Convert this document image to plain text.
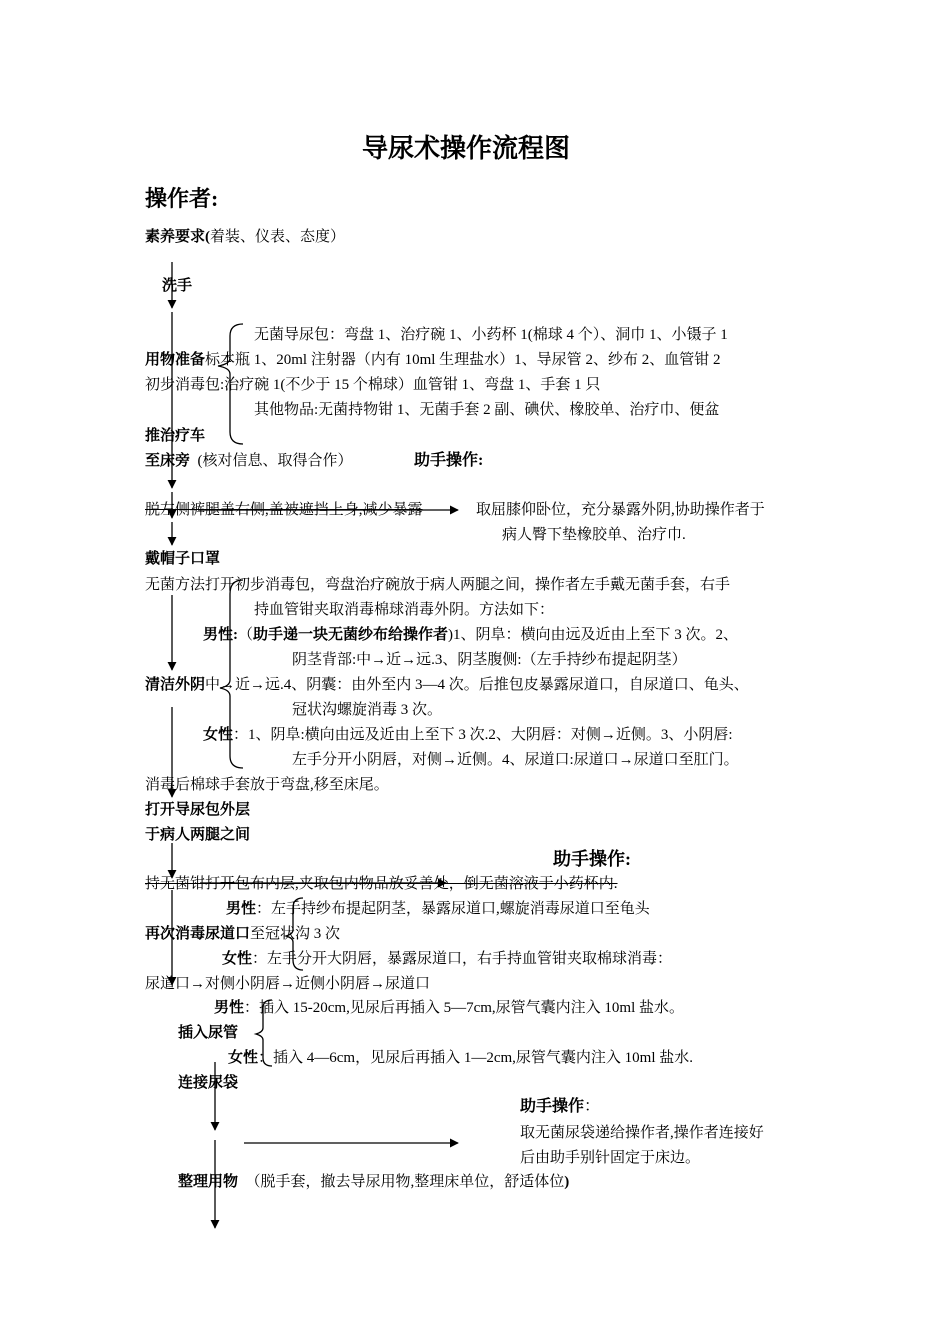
导尿术操作流程图
操作者:
素养要求(着装、仪表、态度）
洗手
无菌导尿包：弯盘 1、治疗碗 1、小药杯 1(棉球 4 个）、洞巾 1、小镊子 1
用物准备标本瓶 1、20ml 注射器（内有 10ml 生理盐水）1、导尿管 2、纱布 2、血管钳 2
初步消毒包:治疗碗 1(不少于 15 个棉球）血管钳 1、弯盘 1、手套 1 只
其他物品:无菌持物钳 1、无菌手套 2 副、碘伏、橡胶单、治疗巾、便盆
推治疗车
至床旁 (核对信息、取得合作）	助手操作:
脱左侧裤腿盖右侧,盖被遮挡上身,减少暴露	取屈膝仰卧位，充分暴露外阴,协助操作者于
病人臀下垫橡胶单、治疗巾.
戴帽子口罩
无菌方法打开初步消毒包，弯盘治疗碗放于病人两腿之间，操作者左手戴无菌手套，右手
持血管钳夹取消毒棉球消毒外阴。方法如下：
男性:（助手递一块无菌纱布给操作者)1、阴阜：横向由远及近由上至下 3 次。2、
阴茎背部:中→近→远.3、阴茎腹侧:（左手持纱布提起阴茎）
清洁外阴中→近→远.4、阴囊：由外至内 3—4 次。后推包皮暴露尿道口，自尿道口、龟头、
冠状沟螺旋消毒 3 次。
女性：1、阴阜:横向由远及近由上至下 3 次.2、大阴唇：对侧→近侧。3、小阴唇:
左手分开小阴唇，对侧→近侧。4、尿道口:尿道口→尿道口至肛门。
消毒后棉球手套放于弯盘,移至床尾。
打开导尿包外层
于病人两腿之间
助手操作:
持无菌钳打开包布内层,夹取包内物品放妥善处，倒无菌溶液于小药杯内.
男性：左手持纱布提起阴茎，暴露尿道口,螺旋消毒尿道口至龟头
再次消毒尿道口至冠状沟 3 次
女性：左手分开大阴唇，暴露尿道口，右手持血管钳夹取棉球消毒：
尿道口→对侧小阴唇→近侧小阴唇→尿道口
男性：插入 15-20cm,见尿后再插入 5—7cm,尿管气囊内注入 10ml 盐水。
插入尿管
女性：插入 4—6cm，见尿后再插入 1—2cm,尿管气囊内注入 10ml 盐水.
连接尿袋
助手操作：
取无菌尿袋递给操作者,操作者连接好
后由助手别针固定于床边。
整理用物 （脱手套，撤去导尿用物,整理床单位，舒适体位)
